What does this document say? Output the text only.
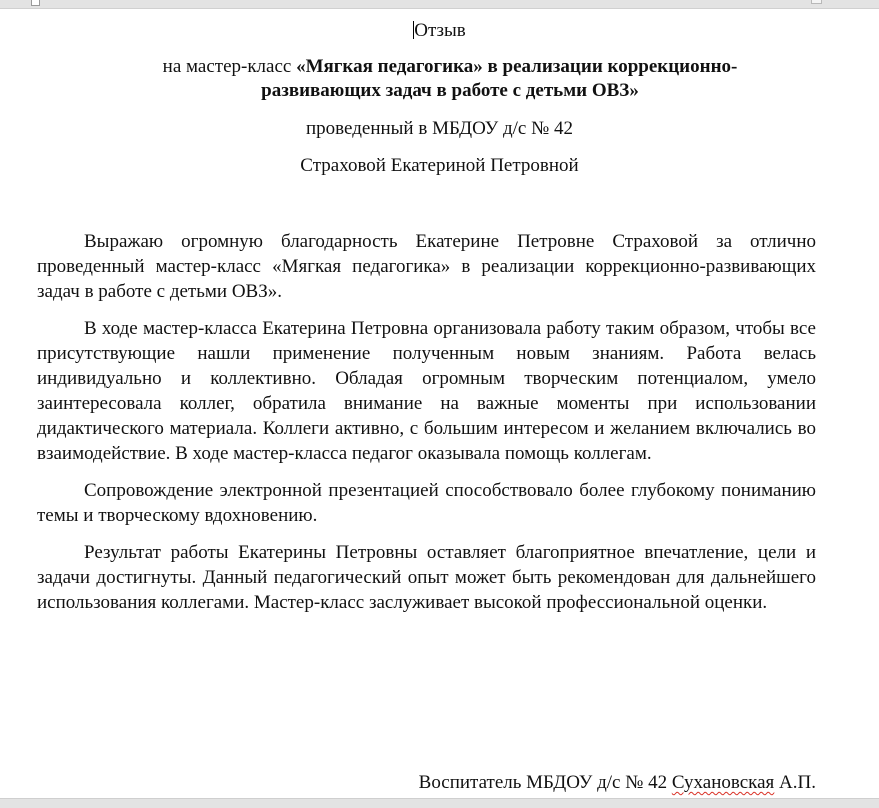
Отзыв
на мастер-класс «Мягкая педагогика» в реализации коррекционно-развивающих задач в работе с детьми ОВЗ»
проведенный в МБДОУ д/с № 42
Страховой Екатериной Петровной

Выражаю огромную благодарность Екатерине Петровне Страховой за отлично проведенный мастер-класс «Мягкая педагогика» в реализации коррекционно-развивающих задач в работе с детьми ОВЗ».

В ходе мастер-класса Екатерина Петровна организовала работу таким образом, чтобы все присутствующие нашли применение полученным новым знаниям. Работа велась индивидуально и коллективно. Обладая огромным творческим потенциалом, умело заинтересовала коллег, обратила внимание на важные моменты при использовании дидактического материала. Коллеги активно, с большим интересом и желанием включались во взаимодействие. В ходе мастер-класса педагог оказывала помощь коллегам.

Сопровождение электронной презентацией способствовало более глубокому пониманию темы и творческому вдохновению.

Результат работы Екатерины Петровны оставляет благоприятное впечатление, цели и задачи достигнуты. Данный педагогический опыт может быть рекомендован для дальнейшего использования коллегами. Мастер-класс заслуживает высокой профессиональной оценки.

Воспитатель МБДОУ д/с № 42 Сухановская А.П.
